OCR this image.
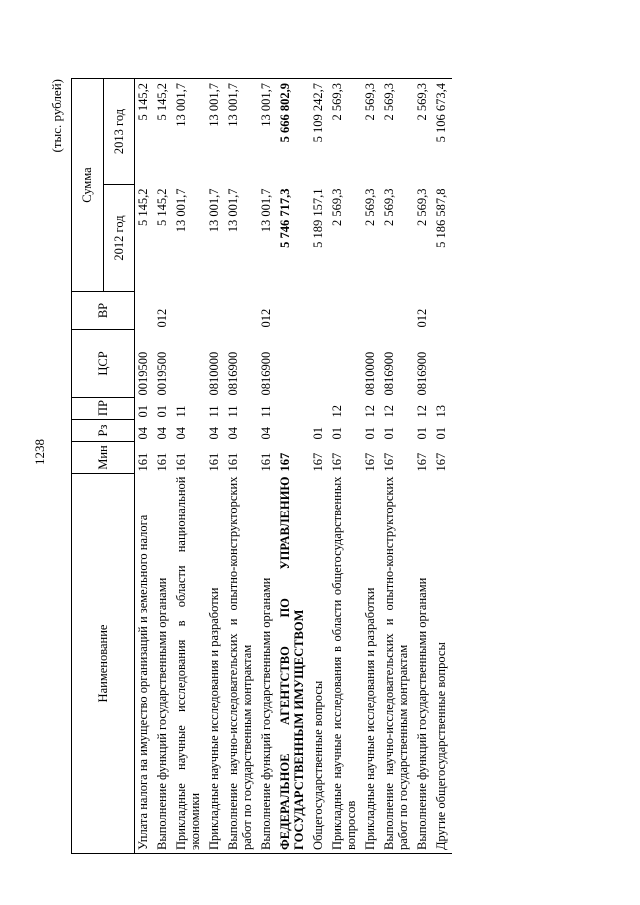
1238
(тыс. рублей)
Наименование	Мин	Рз	ПР	ЦСР	ВР	Сумма	
						2012 год	2013 год
Уплата налога на имущество организаций и земельного налога	161	04	01	0019500		5 145,2	5 145,2
Выполнение функций государственными органами	161	04	01	0019500	012	5 145,2	5 145,2
Прикладные научные исследования в области национальной экономики	161	04	11			13 001,7	13 001,7
Прикладные научные исследования и разработки	161	04	11	0810000		13 001,7	13 001,7
Выполнение научно-исследовательских и опытно-конструкторских работ по государственным контрактам	161	04	11	0816900		13 001,7	13 001,7
Выполнение функций государственными органами	161	04	11	0816900	012	13 001,7	13 001,7
ФЕДЕРАЛЬНОЕ АГЕНТСТВО ПО УПРАВЛЕНИЮ ГОСУДАРСТВЕННЫМ ИМУЩЕСТВОМ	167					5 746 717,3	5 666 802,9
Общегосударственные вопросы	167	01				5 189 157,1	5 109 242,7
Прикладные научные исследования в области общегосударственных вопросов	167	01	12			2 569,3	2 569,3
Прикладные научные исследования и разработки	167	01	12	0810000		2 569,3	2 569,3
Выполнение научно-исследовательских и опытно-конструкторских работ по государственным контрактам	167	01	12	0816900		2 569,3	2 569,3
Выполнение функций государственными органами	167	01	12	0816900	012	2 569,3	2 569,3
Другие общегосударственные вопросы	167	01	13			5 186 587,8	5 106 673,4
